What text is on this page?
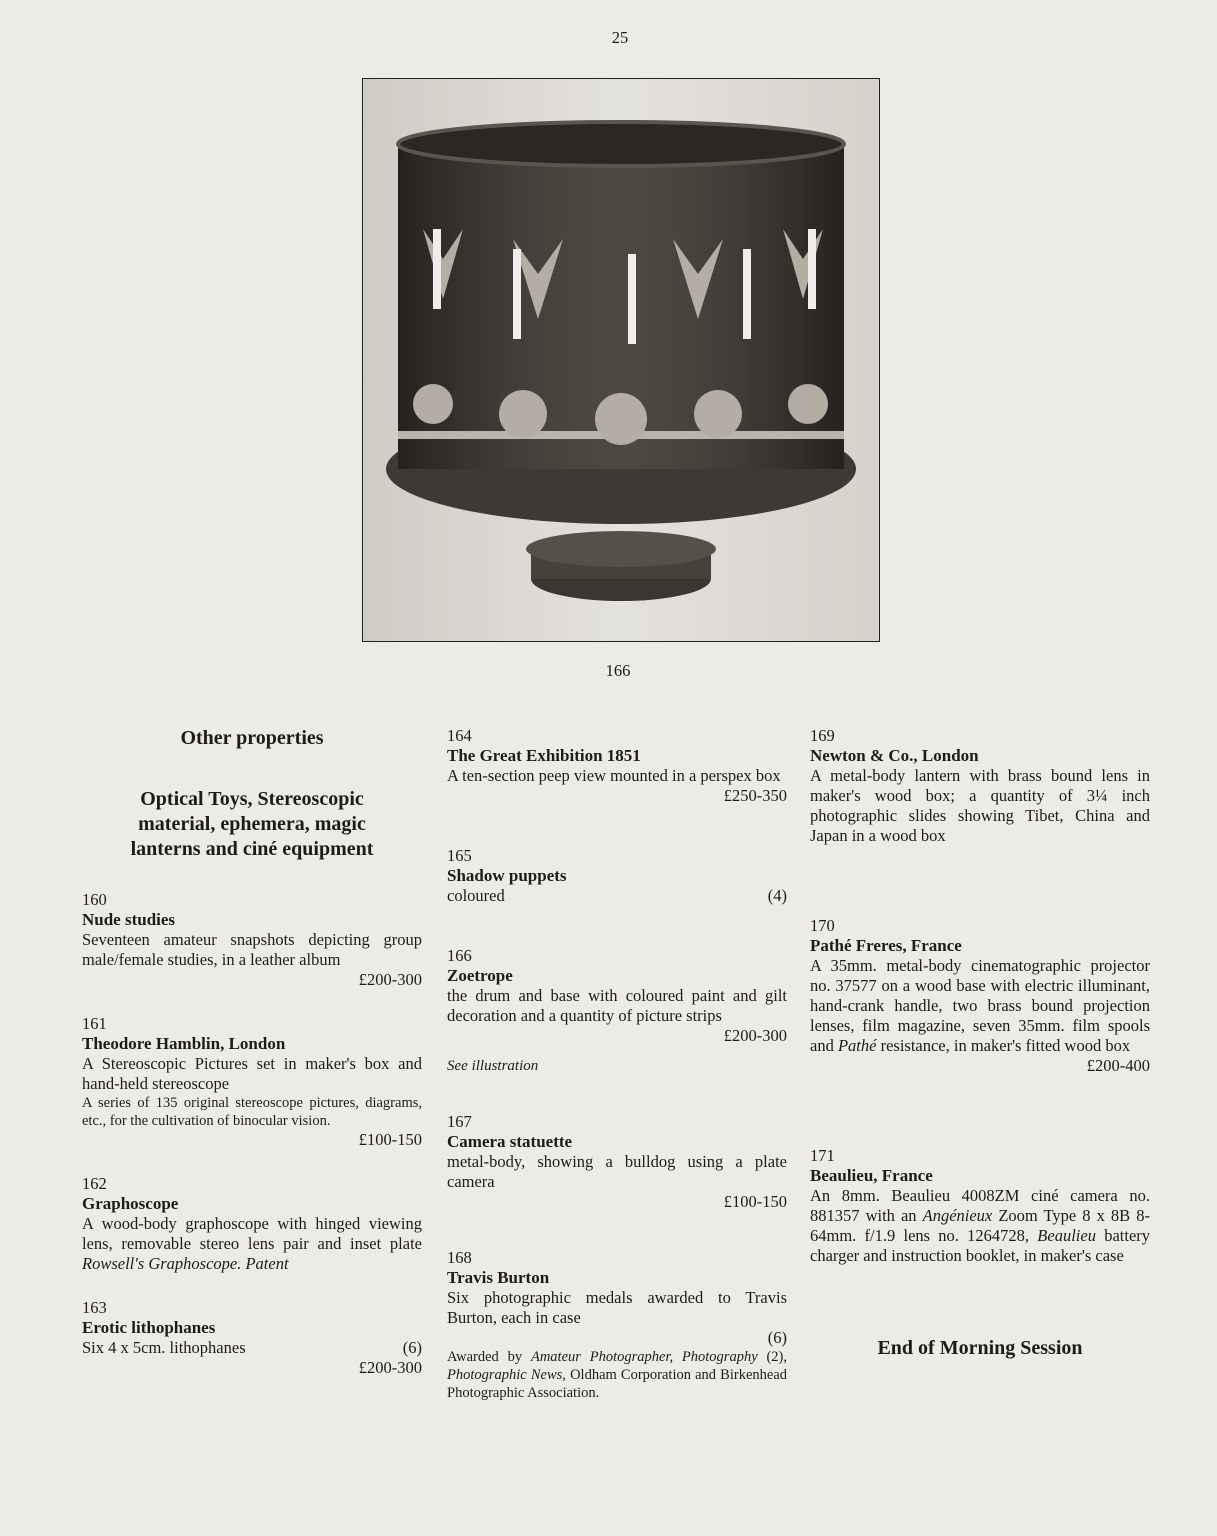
25
166
Other properties
Optical Toys, Stereoscopic material, ephemera, magic lanterns and ciné equipment
160
Nude studies
Seventeen amateur snapshots depicting group male/female studies, in a leather album
£200-300
161
Theodore Hamblin, London
A Stereoscopic Pictures set in maker's box and hand-held stereoscope
A series of 135 original stereoscope pictures, diagrams, etc., for the cultivation of binocular vision.
£100-150
162
Graphoscope
A wood-body graphoscope with hinged viewing lens, removable stereo lens pair and inset plate Rowsell's Graphoscope. Patent
163
Erotic lithophanes
Six 4 x 5cm. lithophanes	(6)
£200-300
164
The Great Exhibition 1851
A ten-section peep view mounted in a perspex box
£250-350
165
Shadow puppets
coloured	(4)
166
Zoetrope
the drum and base with coloured paint and gilt decoration and a quantity of picture strips
£200-300
See illustration
167
Camera statuette
metal-body, showing a bulldog using a plate camera
£100-150
168
Travis Burton
Six photographic medals awarded to Travis Burton, each in case
(6)
Awarded by Amateur Photographer, Photography (2), Photographic News, Oldham Corporation and Birkenhead Photographic Association.
169
Newton & Co., London
A metal-body lantern with brass bound lens in maker's wood box; a quantity of 3¼ inch photographic slides showing Tibet, China and Japan in a wood box
170
Pathé Freres, France
A 35mm. metal-body cinematographic projector no. 37577 on a wood base with electric illuminant, hand-crank handle, two brass bound projection lenses, film magazine, seven 35mm. film spools and Pathé resistance, in maker's fitted wood box
£200-400
171
Beaulieu, France
An 8mm. Beaulieu 4008ZM ciné camera no. 881357 with an Angénieux Zoom Type 8 x 8B 8-64mm. f/1.9 lens no. 1264728, Beaulieu battery charger and instruction booklet, in maker's case
End of Morning Session
